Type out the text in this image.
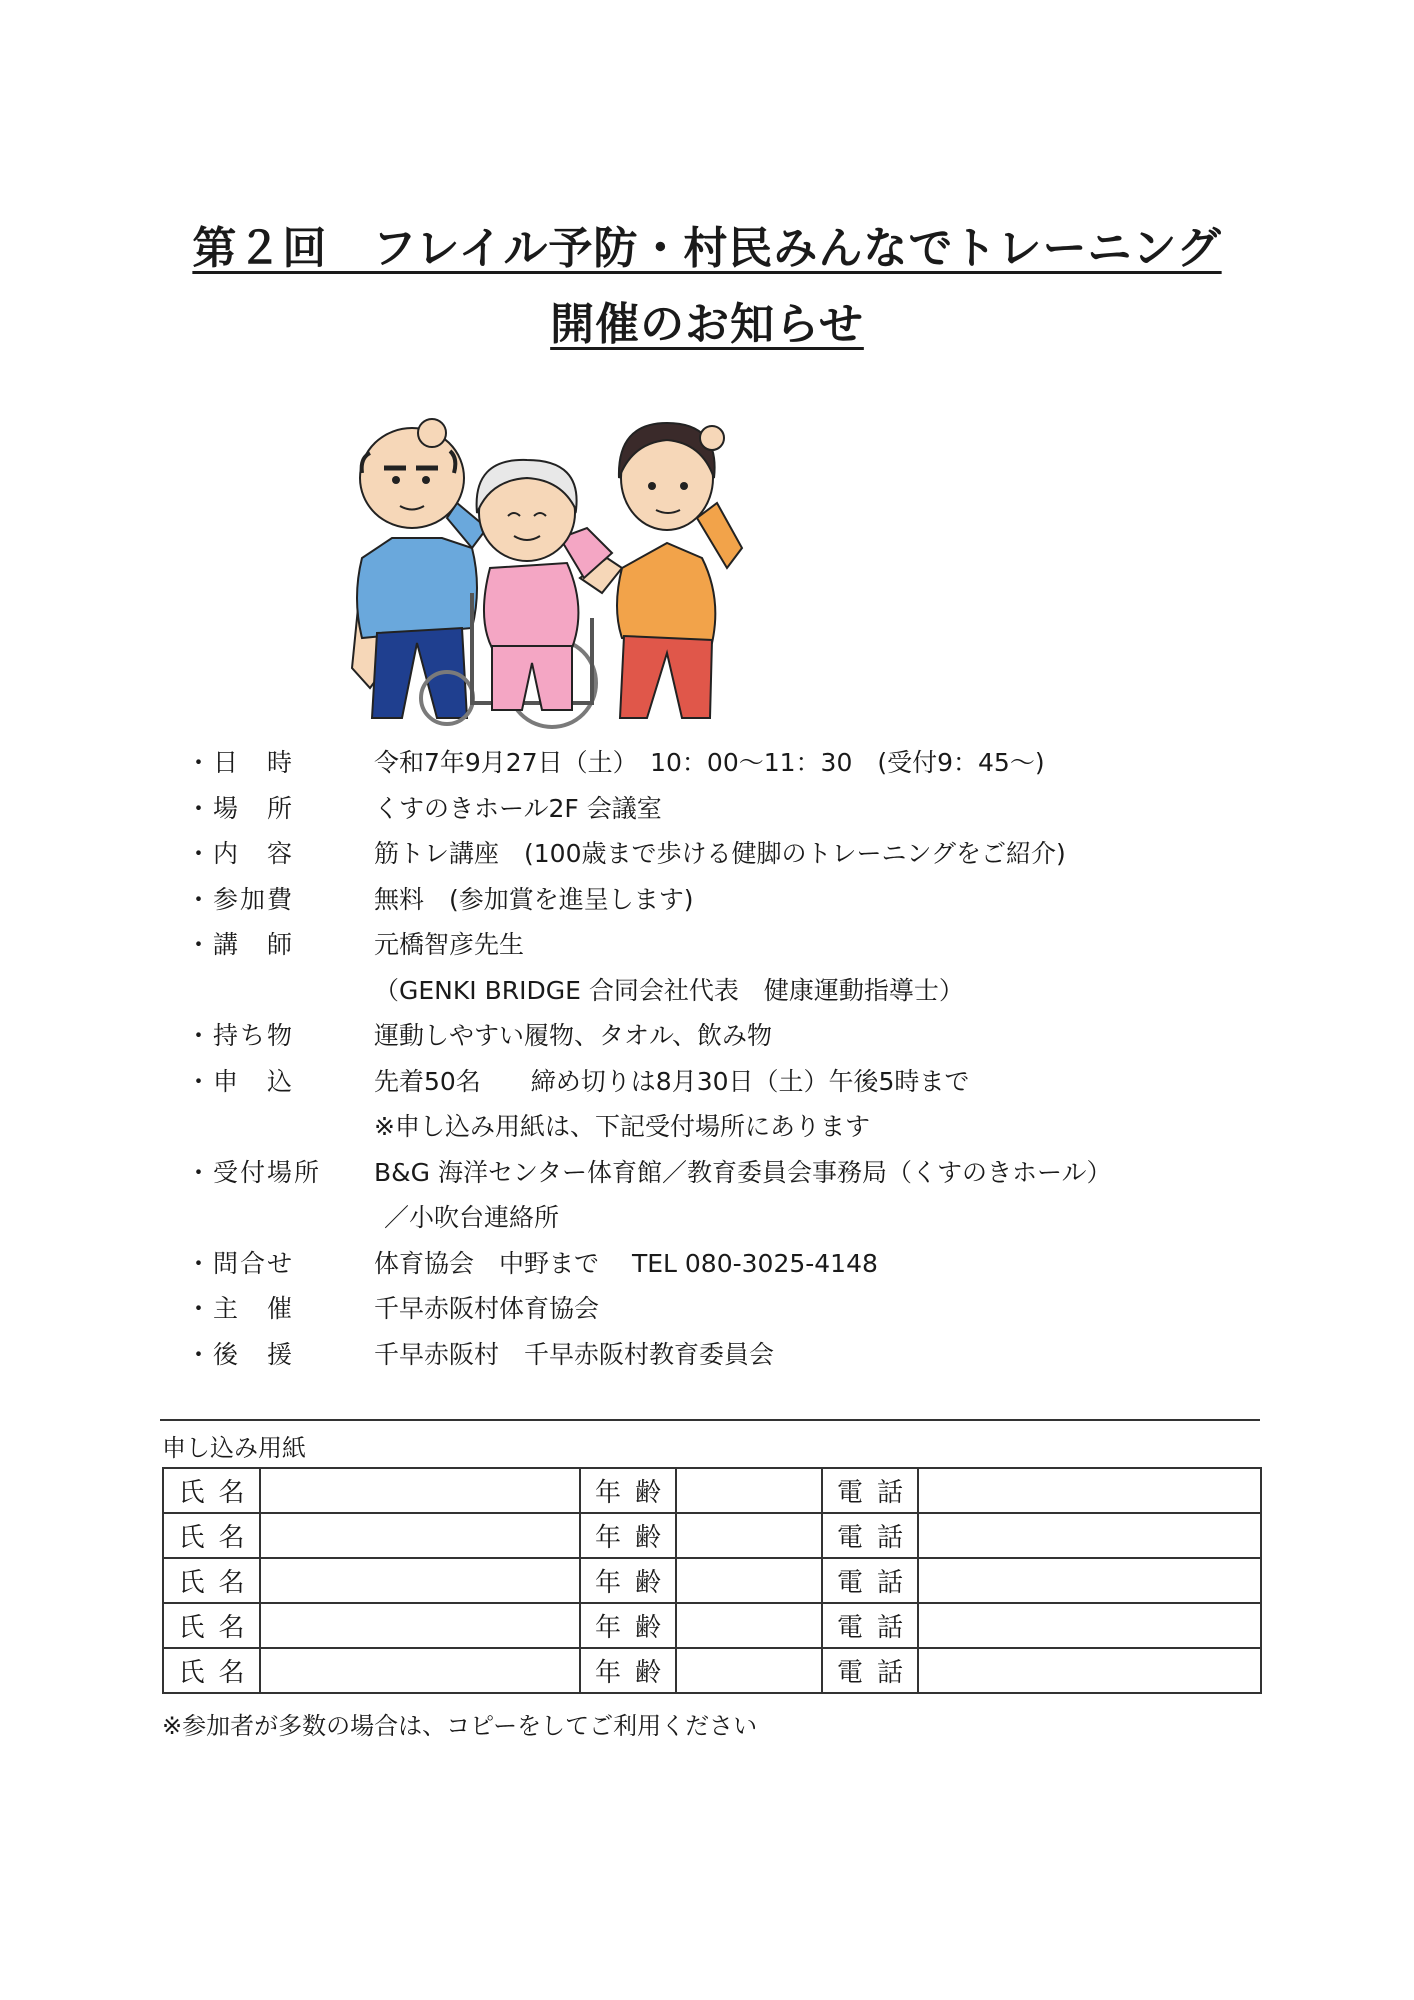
第２回　フレイル予防・村民みんなでトレーニング
開催のお知らせ
・日　時	令和7年9月27日（土）　10：00～11：30　(受付9：45～)
・場　所	くすのきホール2F 会議室
・内　容	筋トレ講座　(100歳まで歩ける健脚のトレーニングをご紹介)
・参加費	無料　(参加賞を進呈します)
・講　師	元橋智彦先生
（GENKI BRIDGE 合同会社代表　健康運動指導士）
・持ち物	運動しやすい履物、タオル、飲み物
・申　込	先着50名　　締め切りは8月30日（土）午後5時まで
※申し込み用紙は、下記受付場所にあります
・受付場所 B&G 海洋センター体育館／教育委員会事務局（くすのきホール）
／小吹台連絡所
・問合せ	体育協会　中野まで　 TEL 080-3025-4148
・主　催	千早赤阪村体育協会
・後　援	千早赤阪村　千早赤阪村教育委員会
申し込み用紙
氏名		年齢		電話	
氏名		年齢		電話	
氏名		年齢		電話	
氏名		年齢		電話	
氏名		年齢		電話	
※参加者が多数の場合は、コピーをしてご利用ください
